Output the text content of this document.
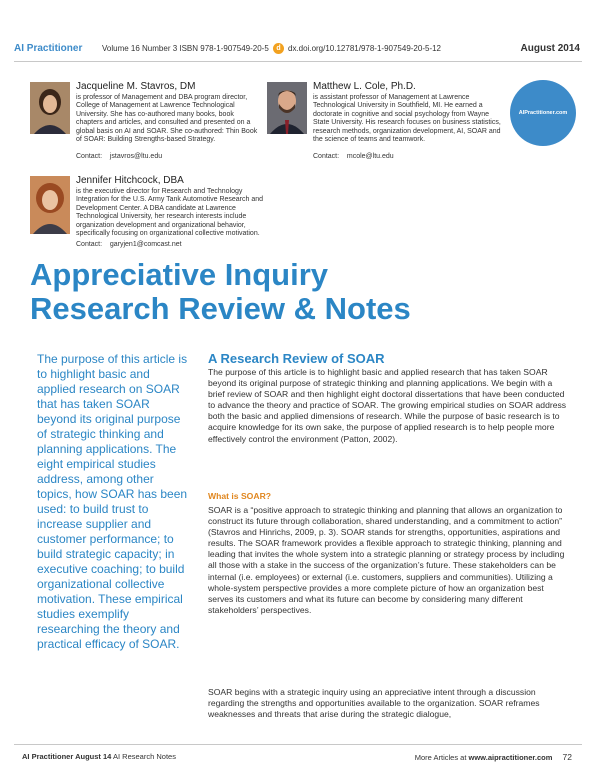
AI Practitioner Volume 16 Number 3 ISBN 978-1-907549-20-5	d dx.doi.org/10.12781/978-1-907549-20-5-12	August 2014
Jacqueline M. Stavros, DM
is professor of Management and DBA program director, College of Management at Lawrence Technological University. She has co-authored many books, book chapters and articles, and consulted and presented on a global basis on AI and SOAR. She co-authored: Thin Book of SOAR: Building Strengths-based Strategy.
Contact: jstavros@ltu.edu
Matthew L. Cole, Ph.D.
is assistant professor of Management at Lawrence Technological University in Southfield, MI. He earned a doctorate in cognitive and social psychology from Wayne State University. His research focuses on business statistics, research methods, organization development, AI, SOAR and the science of teams and teamwork.
Contact: mcole@ltu.edu
AIPractitioner.com
Jennifer Hitchcock, DBA
is the executive director for Research and Technology Integration for the U.S. Army Tank Automotive Research and Development Center. A DBA candidate at Lawrence Technological University, her research interests include organization development and organizational behavior, specifically focusing on organizational collective motivation.
Contact: garyjen1@comcast.net
Appreciative Inquiry
Research Review & Notes
The purpose of this article is to highlight basic and applied research on SOAR that has taken SOAR beyond its original purpose of strategic thinking and planning applications. The eight empirical studies address, among other topics, how SOAR has been used: to build trust to increase supplier and customer performance; to build strategic capacity; in executive coaching; to build organizational collective motivation. These empirical studies exemplify researching the theory and practical efficacy of SOAR.
A Research Review of SOAR
The purpose of this article is to highlight basic and applied research that has taken SOAR beyond its original purpose of strategic thinking and planning applications. We begin with a brief review of SOAR and then highlight eight doctoral dissertations that have been conducted to advance the theory and practice of SOAR. The growing empirical studies on SOAR address both the basic and applied dimensions of research. While the purpose of basic research is to acquire knowledge for its own sake, the purpose of applied research is to help people more effectively control the environment (Patton, 2002).
What is SOAR?
SOAR is a “positive approach to strategic thinking and planning that allows an organization to construct its future through collaboration, shared understanding, and a commitment to action” (Stavros and Hinrichs, 2009, p. 3). SOAR stands for strengths, opportunities, aspirations and results. The SOAR framework provides a flexible approach to strategic thinking, planning and leading that invites the whole system into a strategic planning or strategy process by including all those with a stake in the success of the organization’s future. These stakeholders can be internal (i.e. employees) or external (i.e. customers, suppliers and communities). Utilizing a whole-system perspective provides a more complete picture of how an organization best serves its customers and what its future can become by considering many different stakeholders’ perspectives.
SOAR begins with a strategic inquiry using an appreciative intent through a discussion regarding the strengths and opportunities available to the organization. SOAR reframes weaknesses and threats that arise during the strategic dialogue,
AI Practitioner August 14 AI Research Notes	More Articles at www.aipractitioner.com 72
